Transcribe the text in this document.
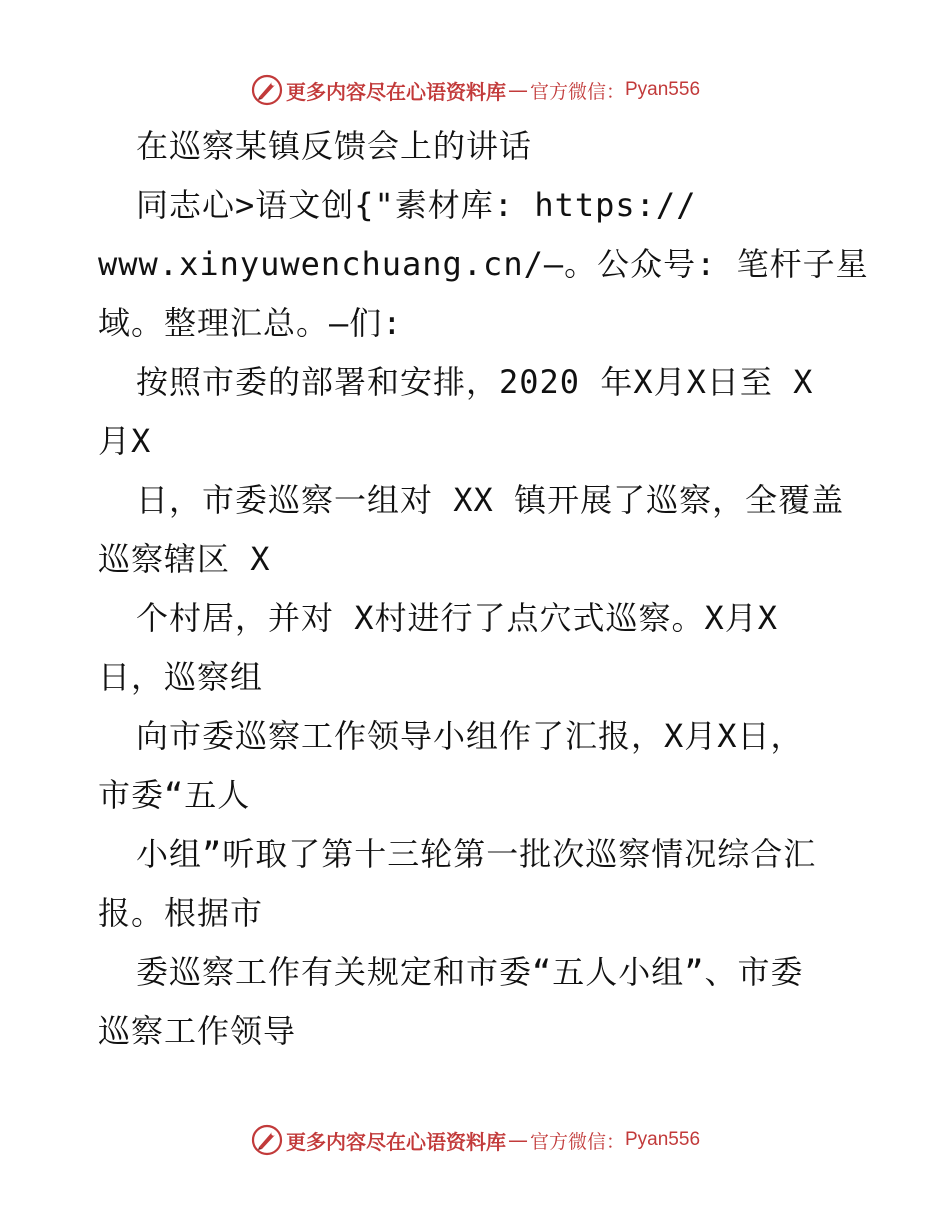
更多内容尽在心语资料库 — 官方微信： Pyan556
在巡察某镇反馈会上的讲话
同志心>语文创{"素材库: https://
www.xinyuwenchuang.cn/—。公众号: 笔杆子星
域。整理汇总。—们:
按照市委的部署和安排，2020 年X月X日至 X
月X
日，市委巡察一组对 XX 镇开展了巡察，全覆盖
巡察辖区 X
个村居，并对 X村进行了点穴式巡察。X月X
日，巡察组
向市委巡察工作领导小组作了汇报，X月X日，
市委“五人
小组”听取了第十三轮第一批次巡察情况综合汇
报。根据市
委巡察工作有关规定和市委“五人小组”、市委
巡察工作领导
更多内容尽在心语资料库 — 官方微信： Pyan556
